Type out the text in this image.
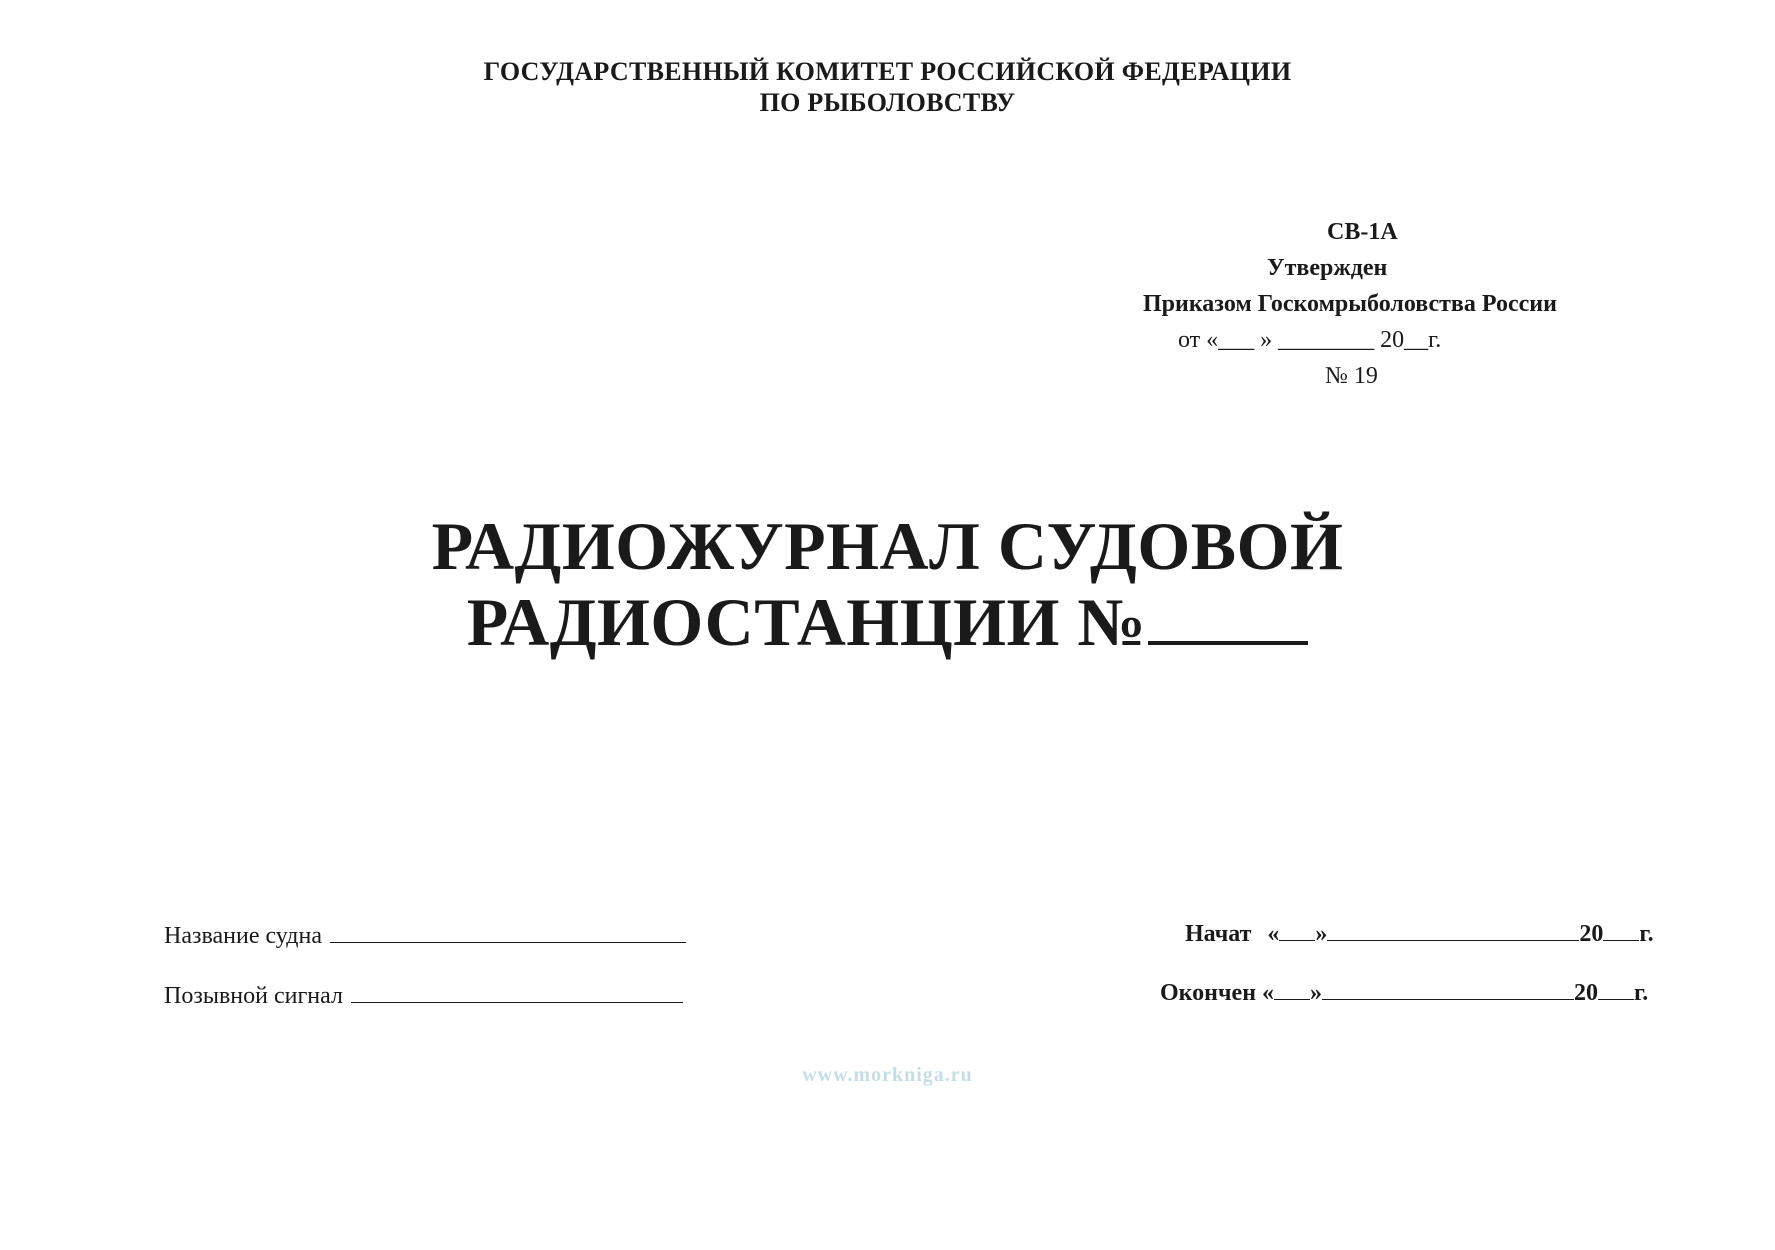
ГОСУДАРСТВЕННЫЙ КОМИТЕТ РОССИЙСКОЙ ФЕДЕРАЦИИ
ПО РЫБОЛОВСТВУ
СВ-1А
Утвержден
Приказом Госкомрыболовства России
от «___ » ________ 20__г.
№ 19
РАДИОЖУРНАЛ СУДОВОЙ
РАДИОСТАНЦИИ №
Название судна
Позывной сигнал
Начат « »	20 г.
Окончен « »	20 г.
www.morkniga.ru
